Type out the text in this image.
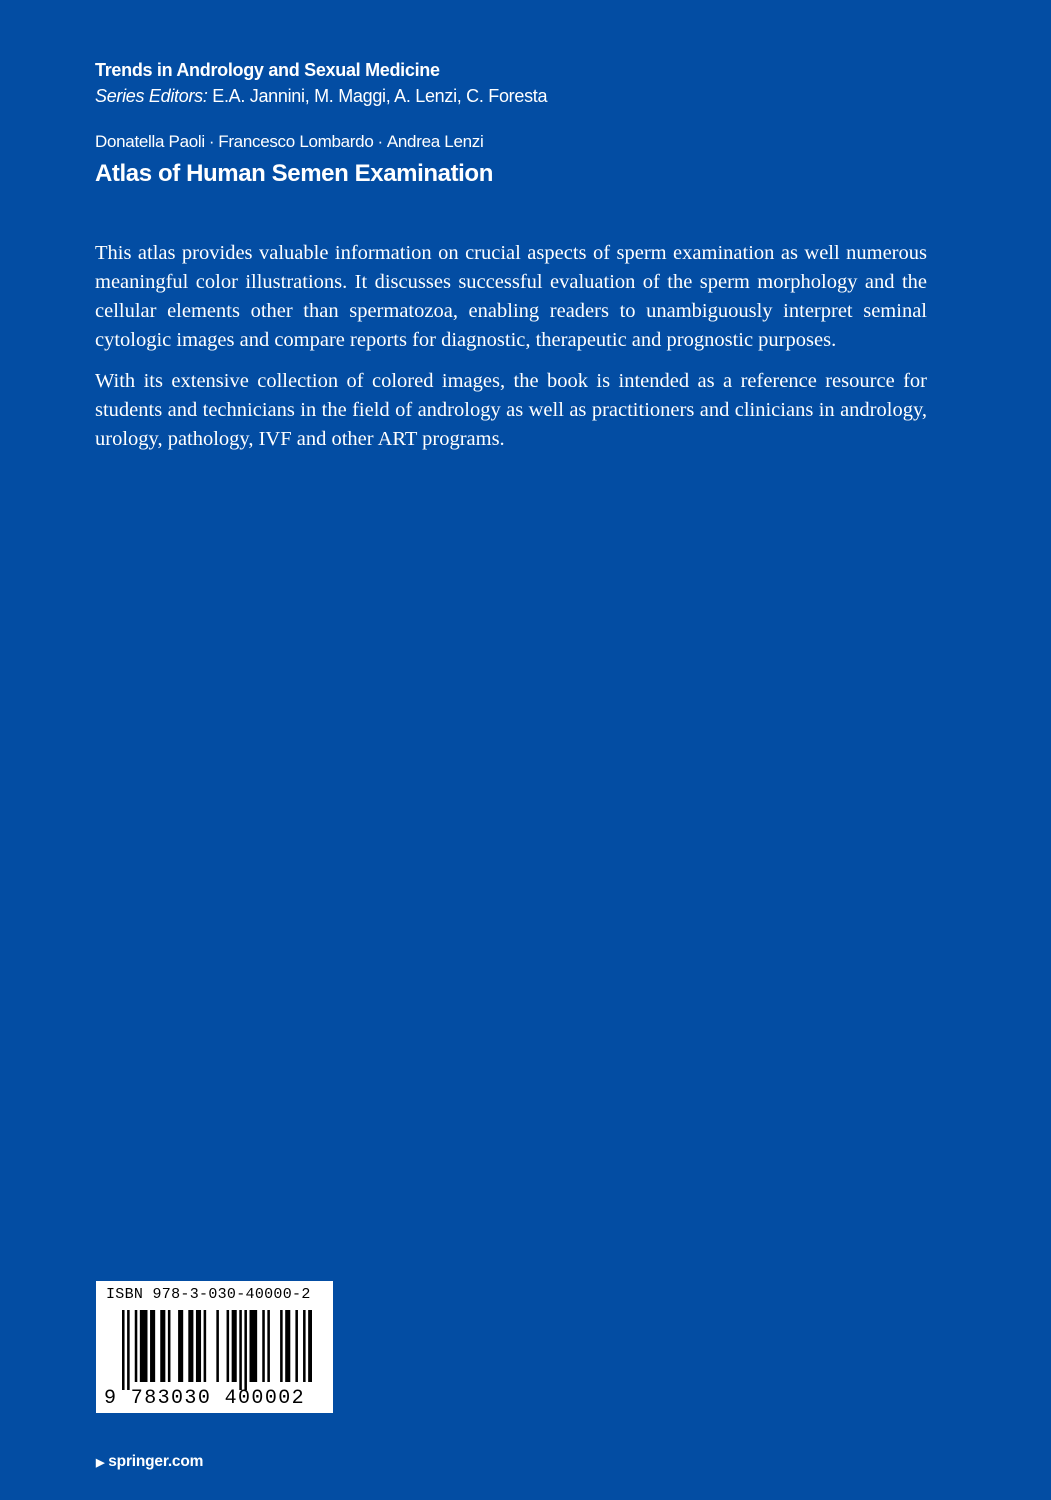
Trends in Andrology and Sexual Medicine

Series Editors: E.A. Jannini, M. Maggi, A. Lenzi, C. Foresta

Donatella Paoli · Francesco Lombardo · Andrea Lenzi

Atlas of Human Semen Examination

This atlas provides valuable information on crucial aspects of sperm examination as well numerous meaningful color illustrations. It discusses successful evaluation of the sperm morphology and the cellular elements other than spermatozoa, enabling readers to unambiguously interpret seminal cytologic images and compare reports for diagnostic, therapeutic and prognostic purposes.

With its extensive collection of colored images, the book is intended as a reference resource for students and technicians in the field of andrology as well as practitioners and clinicians in andrology, urology, pathology, IVF and other ART programs.

ISBN 978-3-030-40000-2
9 783030 400002
▶ springer.com
